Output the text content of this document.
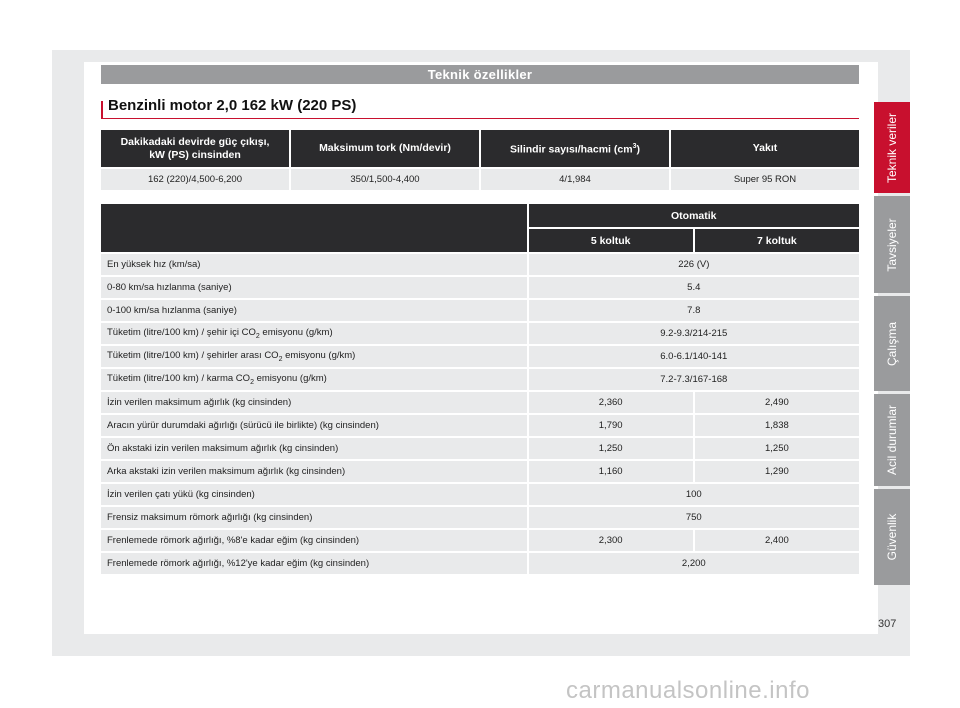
Teknik özellikler
Benzinli motor 2,0 162 kW (220 PS)
Dakikadaki devirde güç çıkışı,
kW (PS) cinsinden	Maksimum tork (Nm/devir)	Silindir sayısı/hacmi $(cm^3)$	Yakıt
162 (220)/4,500-6,200	350/1,500-4,400	4/1,984	Super 95 RON
	Otomatik	
	5 koltuk	7 koltuk
En yüksek hız (km/sa)	226 (V)	
0-80 km/sa hızlanma (saniye)	5.4	
0-100 km/sa hızlanma (saniye)	7.8	
Tüketim (litre/100 km) / şehir içi $CO_2$ emisyonu (g/km)	9.2-9.3/214-215	
Tüketim (litre/100 km) / şehirler arası $CO_2$ emisyonu (g/km)	6.0-6.1/140-141	
Tüketim (litre/100 km) / karma $CO_2$ emisyonu (g/km)	7.2-7.3/167-168	
İzin verilen maksimum ağırlık (kg cinsinden)	2,360	2,490
Aracın yürür durumdaki ağırlığı (sürücü ile birlikte) (kg cinsinden)	1,790	1,838
Ön akstaki izin verilen maksimum ağırlık (kg cinsinden)	1,250	1,250
Arka akstaki izin verilen maksimum ağırlık (kg cinsinden)	1,160	1,290
İzin verilen çatı yükü (kg cinsinden)	100	
Frensiz maksimum römork ağırlığı (kg cinsinden)	750	
Frenlemede römork ağırlığı, %8'e kadar eğim (kg cinsinden)	2,300	2,400
Frenlemede römork ağırlığı, %12'ye kadar eğim (kg cinsinden)	2,200	
Teknik veriler
Tavsiyeler
Çalışma
Acil durumlar
Güvenlik
307
carmanualsonline.info
